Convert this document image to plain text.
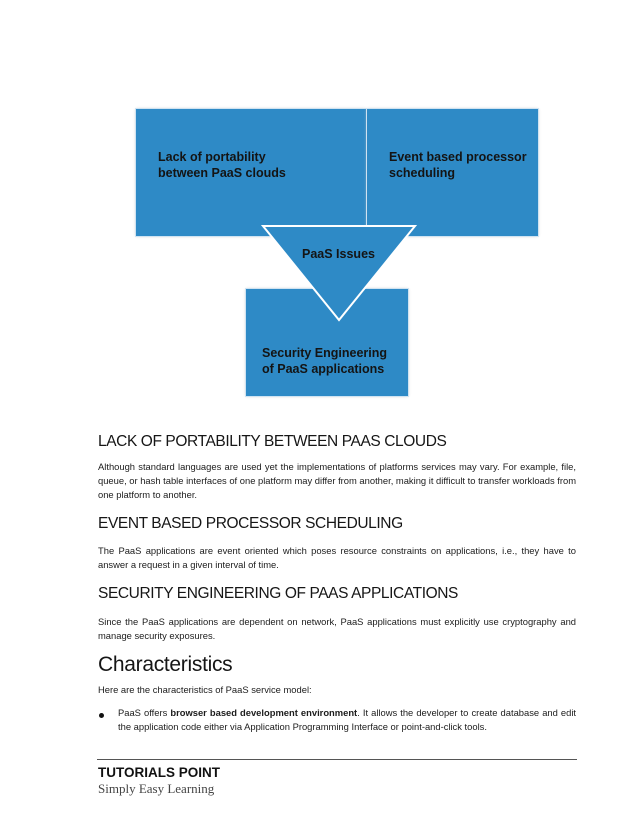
Lack of portability between PaaS clouds
Event based processor scheduling
Security Engineering of PaaS applications
PaaS Issues
LACK OF PORTABILITY BETWEEN PAAS CLOUDS

Although standard languages are used yet the implementations of platforms services may vary. For example, file, queue, or hash table interfaces of one platform may differ from another, making it difficult to transfer workloads from one platform to another.

EVENT BASED PROCESSOR SCHEDULING

The PaaS applications are event oriented which poses resource constraints on applications, i.e., they have to answer a request in a given interval of time.

SECURITY ENGINEERING OF PAAS APPLICATIONS

Since the PaaS applications are dependent on network, PaaS applications must explicitly use cryptography and manage security exposures.

Characteristics

Here are the characteristics of PaaS service model:

PaaS offers browser based development environment. It allows the developer to create database and edit the application code either via Application Programming Interface or point-and-click tools.

TUTORIALS POINT
Simply Easy Learning
